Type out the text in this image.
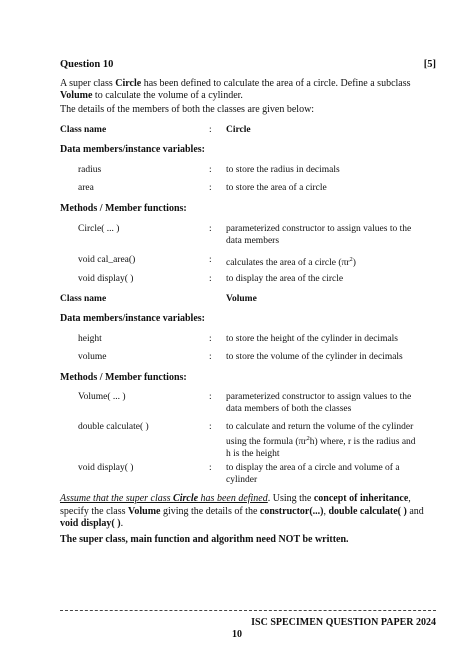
Question 10	[5]
A super class Circle has been defined to calculate the area of a circle. Define a subclass Volume to calculate the volume of a cylinder.
The details of the members of both the classes are given below:
Class name	: Circle
Data members/instance variables:
radius	: to store the radius in decimals
area	: to store the area of a circle
Methods / Member functions:
Circle( ... )	: parameterized constructor to assign values to the data members
void cal_area()	: calculates the area of a circle $(\pi r^2)$
void display( )	: to display the area of the circle
Class name	Volume
Data members/instance variables:
height	: to store the height of the cylinder in decimals
volume	: to store the volume of the cylinder in decimals
Methods / Member functions:
Volume( ... )	: parameterized constructor to assign values to the data members of both the classes
double calculate( )	: to calculate and return the volume of the cylinder using the formula $(\pi r^2h)$ where, r is the radius and h is the height
void display( )	: to display the area of a circle and volume of a cylinder
Assume that the super class Circle has been defined. Using the concept of inheritance, specify the class Volume giving the details of the constructor(...), double calculate( ) and void display( ).
The super class, main function and algorithm need NOT be written.
ISC SPECIMEN QUESTION PAPER 2024
10
